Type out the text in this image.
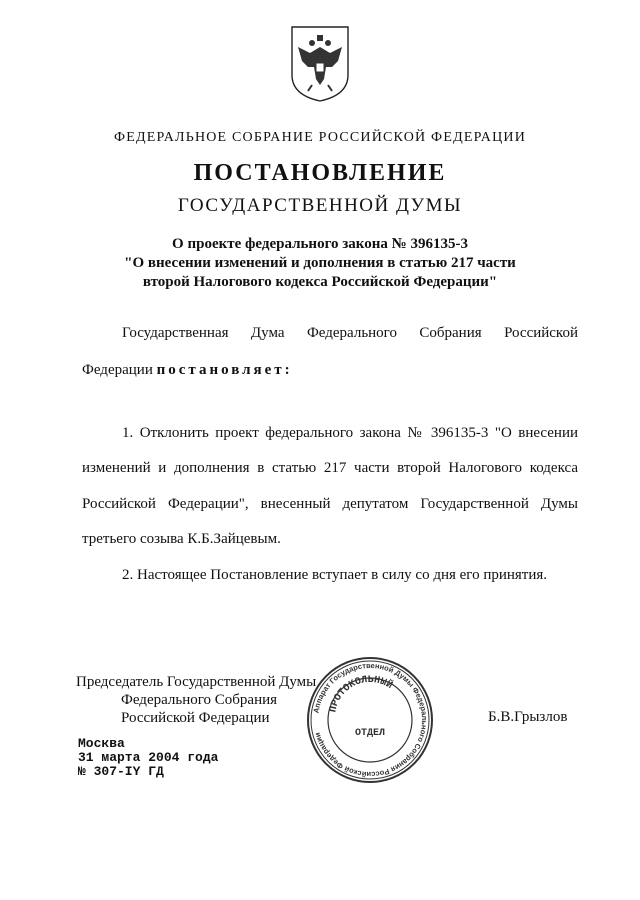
ФЕДЕРАЛЬНОЕ СОБРАНИЕ РОССИЙСКОЙ ФЕДЕРАЦИИ
ПОСТАНОВЛЕНИЕ
ГОСУДАРСТВЕННОЙ ДУМЫ
О проекте федерального закона № 396135-3
"О внесении изменений и дополнения в статью 217 части
второй Налогового кодекса Российской Федерации"
Государственная Дума Федерального Собрания Российской
Федерации постановляет:
1. Отклонить проект федерального закона № 396135-3 "О внесении
изменений и дополнения в статью 217 части второй Налогового кодекса
Российской Федерации", внесенный депутатом Государственной Думы
третьего созыва К.Б.Зайцевым.
2. Настоящее Постановление вступает в силу со дня его принятия.
Аппарат Государственной Думы Федерального Собрания Российской Федерации
ПРОТОКОЛЬНЫЙ
ОТДЕЛ
Председатель Государственной Думы
Федерального Собрания
Российской Федерации	Б.В.Грызлов
Москва
31 марта 2004 года
№ 307-IY ГД
